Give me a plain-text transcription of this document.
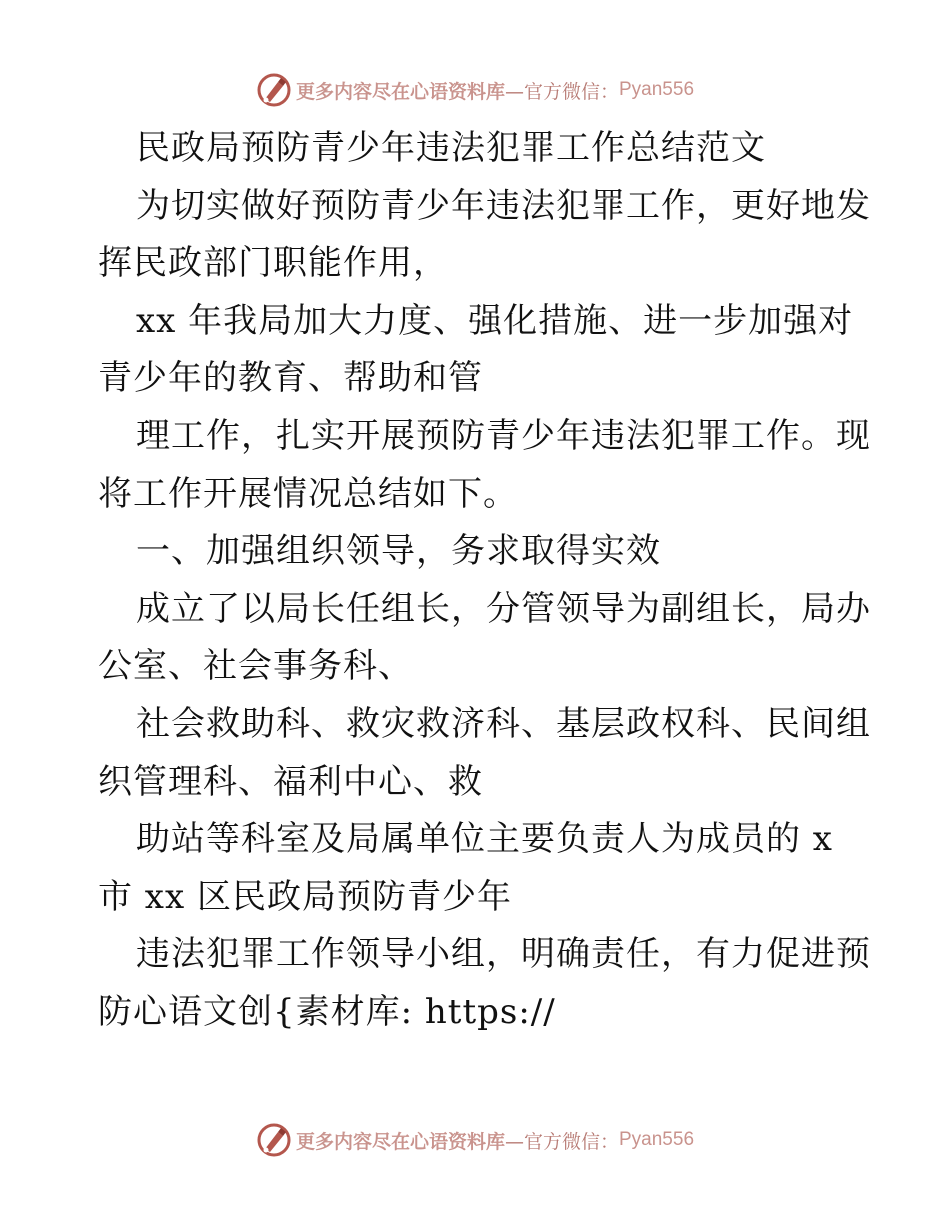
更多内容尽在心语资料库 —官方微信： Pyan556
民政局预防青少年违法犯罪工作总结范文
为切实做好预防青少年违法犯罪工作，更好地发
挥民政部门职能作用，
xx 年我局加大力度、强化措施、进一步加强对
青少年的教育、帮助和管
理工作，扎实开展预防青少年违法犯罪工作。现
将工作开展情况总结如下。
一、加强组织领导，务求取得实效
成立了以局长任组长，分管领导为副组长，局办
公室、社会事务科、
社会救助科、救灾救济科、基层政权科、民间组
织管理科、福利中心、救
助站等科室及局属单位主要负责人为成员的 x
市 xx 区民政局预防青少年
违法犯罪工作领导小组，明确责任，有力促进预
防心语文创{素材库: https://
更多内容尽在心语资料库 —官方微信： Pyan556
